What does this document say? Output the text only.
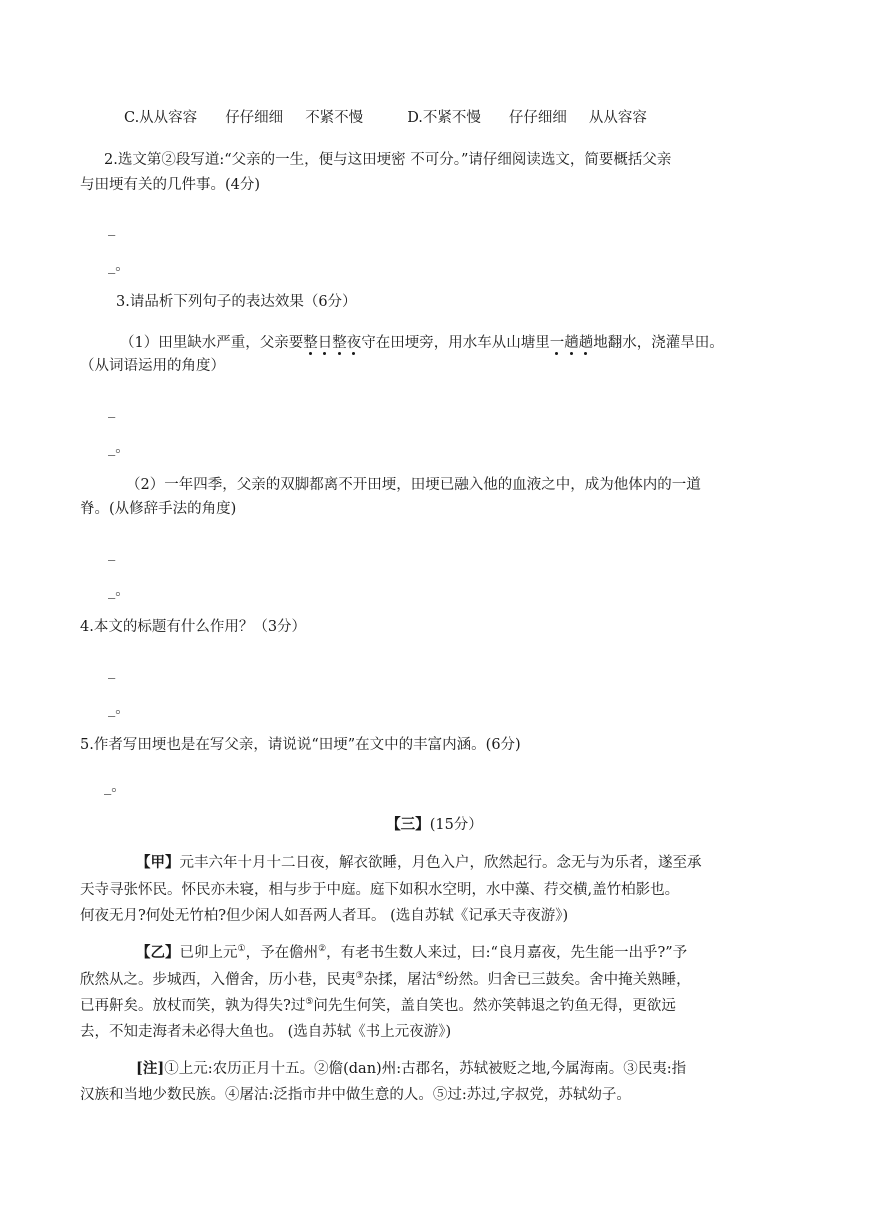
C.从从容容 仔仔细细 不紧不慢	D.不紧不慢 仔仔细细 从从容容
2.选文第②段写道:“父亲的一生，便与这田埂密 不可分。”请仔细阅读选文，简要概括父亲
与田埂有关的几件事。(4分)
_
_。
3.请品析下列句子的表达效果（6分）
（1）田里缺水严重，父亲要整日整夜守在田埂旁，用水车从山塘里一趟趟地翻水，浇灌旱田。
（从词语运用的角度）
_
_。
（2）一年四季，父亲的双脚都离不开田埂，田埂已融入他的血液之中，成为他体内的一道
脊。(从修辞手法的角度)
_
_。
4.本文的标题有什么作用？（3分）
_
_。
5.作者写田埂也是在写父亲，请说说“田埂”在文中的丰富内涵。(6分)
_。
【三】(15分）
【甲】元丰六年十月十二日夜，解衣欲睡，月色入户，欣然起行。念无与为乐者，遂至承
天寺寻张怀民。怀民亦未寝，相与步于中庭。庭下如积水空明，水中藻、荇交横,盖竹柏影也。
何夜无月?何处无竹柏?但少闲人如吾两人者耳。 (选自苏轼《记承天寺夜游》)
【乙】已卯上元①，予在儋州②，有老书生数人来过，曰:“良月嘉夜，先生能一出乎?”予
欣然从之。步城西，入僧舍，历小巷，民夷③杂揉，屠沽④纷然。归舍已三鼓矣。舍中掩关熟睡，
已再鼾矣。放杖而笑，孰为得失?过⑤问先生何笑，盖自笑也。然亦笑韩退之钓鱼无得，更欲远
去，不知走海者未必得大鱼也。 (选自苏轼《书上元夜游》)
[注]①上元:农历正月十五。②儋(dan)州:古郡名，苏轼被贬之地,今属海南。③民夷:指
汉族和当地少数民族。④屠沽:泛指市井中做生意的人。⑤过:苏过,字叔党，苏轼幼子。
